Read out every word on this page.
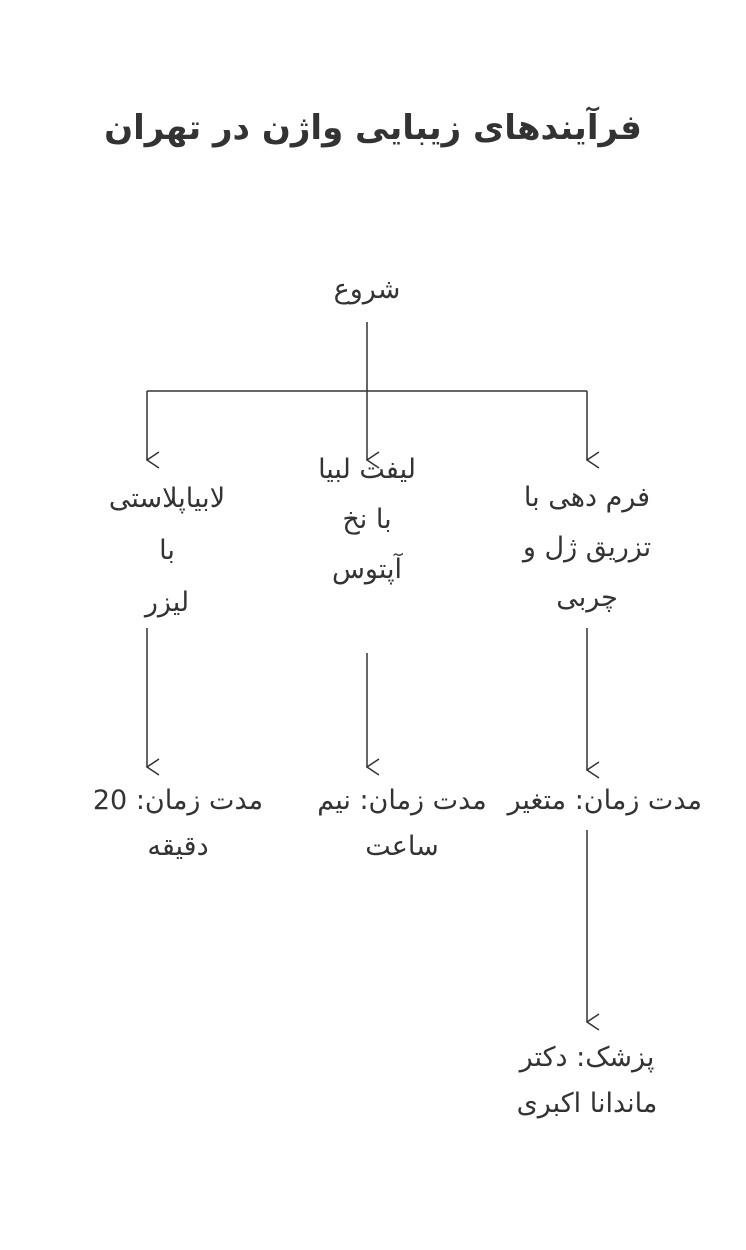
فرآیندهای زیبایی واژن در تهران
شروع
فرم دهی با
تزریق ژل و
چربی
لیفت لبیا
با نخ
آپتوس
لابیاپلاستی
با
لیزر
مدت زمان: متغیر
مدت زمان: نیم
ساعت
مدت زمان: 20
دقیقه
پزشک: دکتر
ماندانا اکبری
